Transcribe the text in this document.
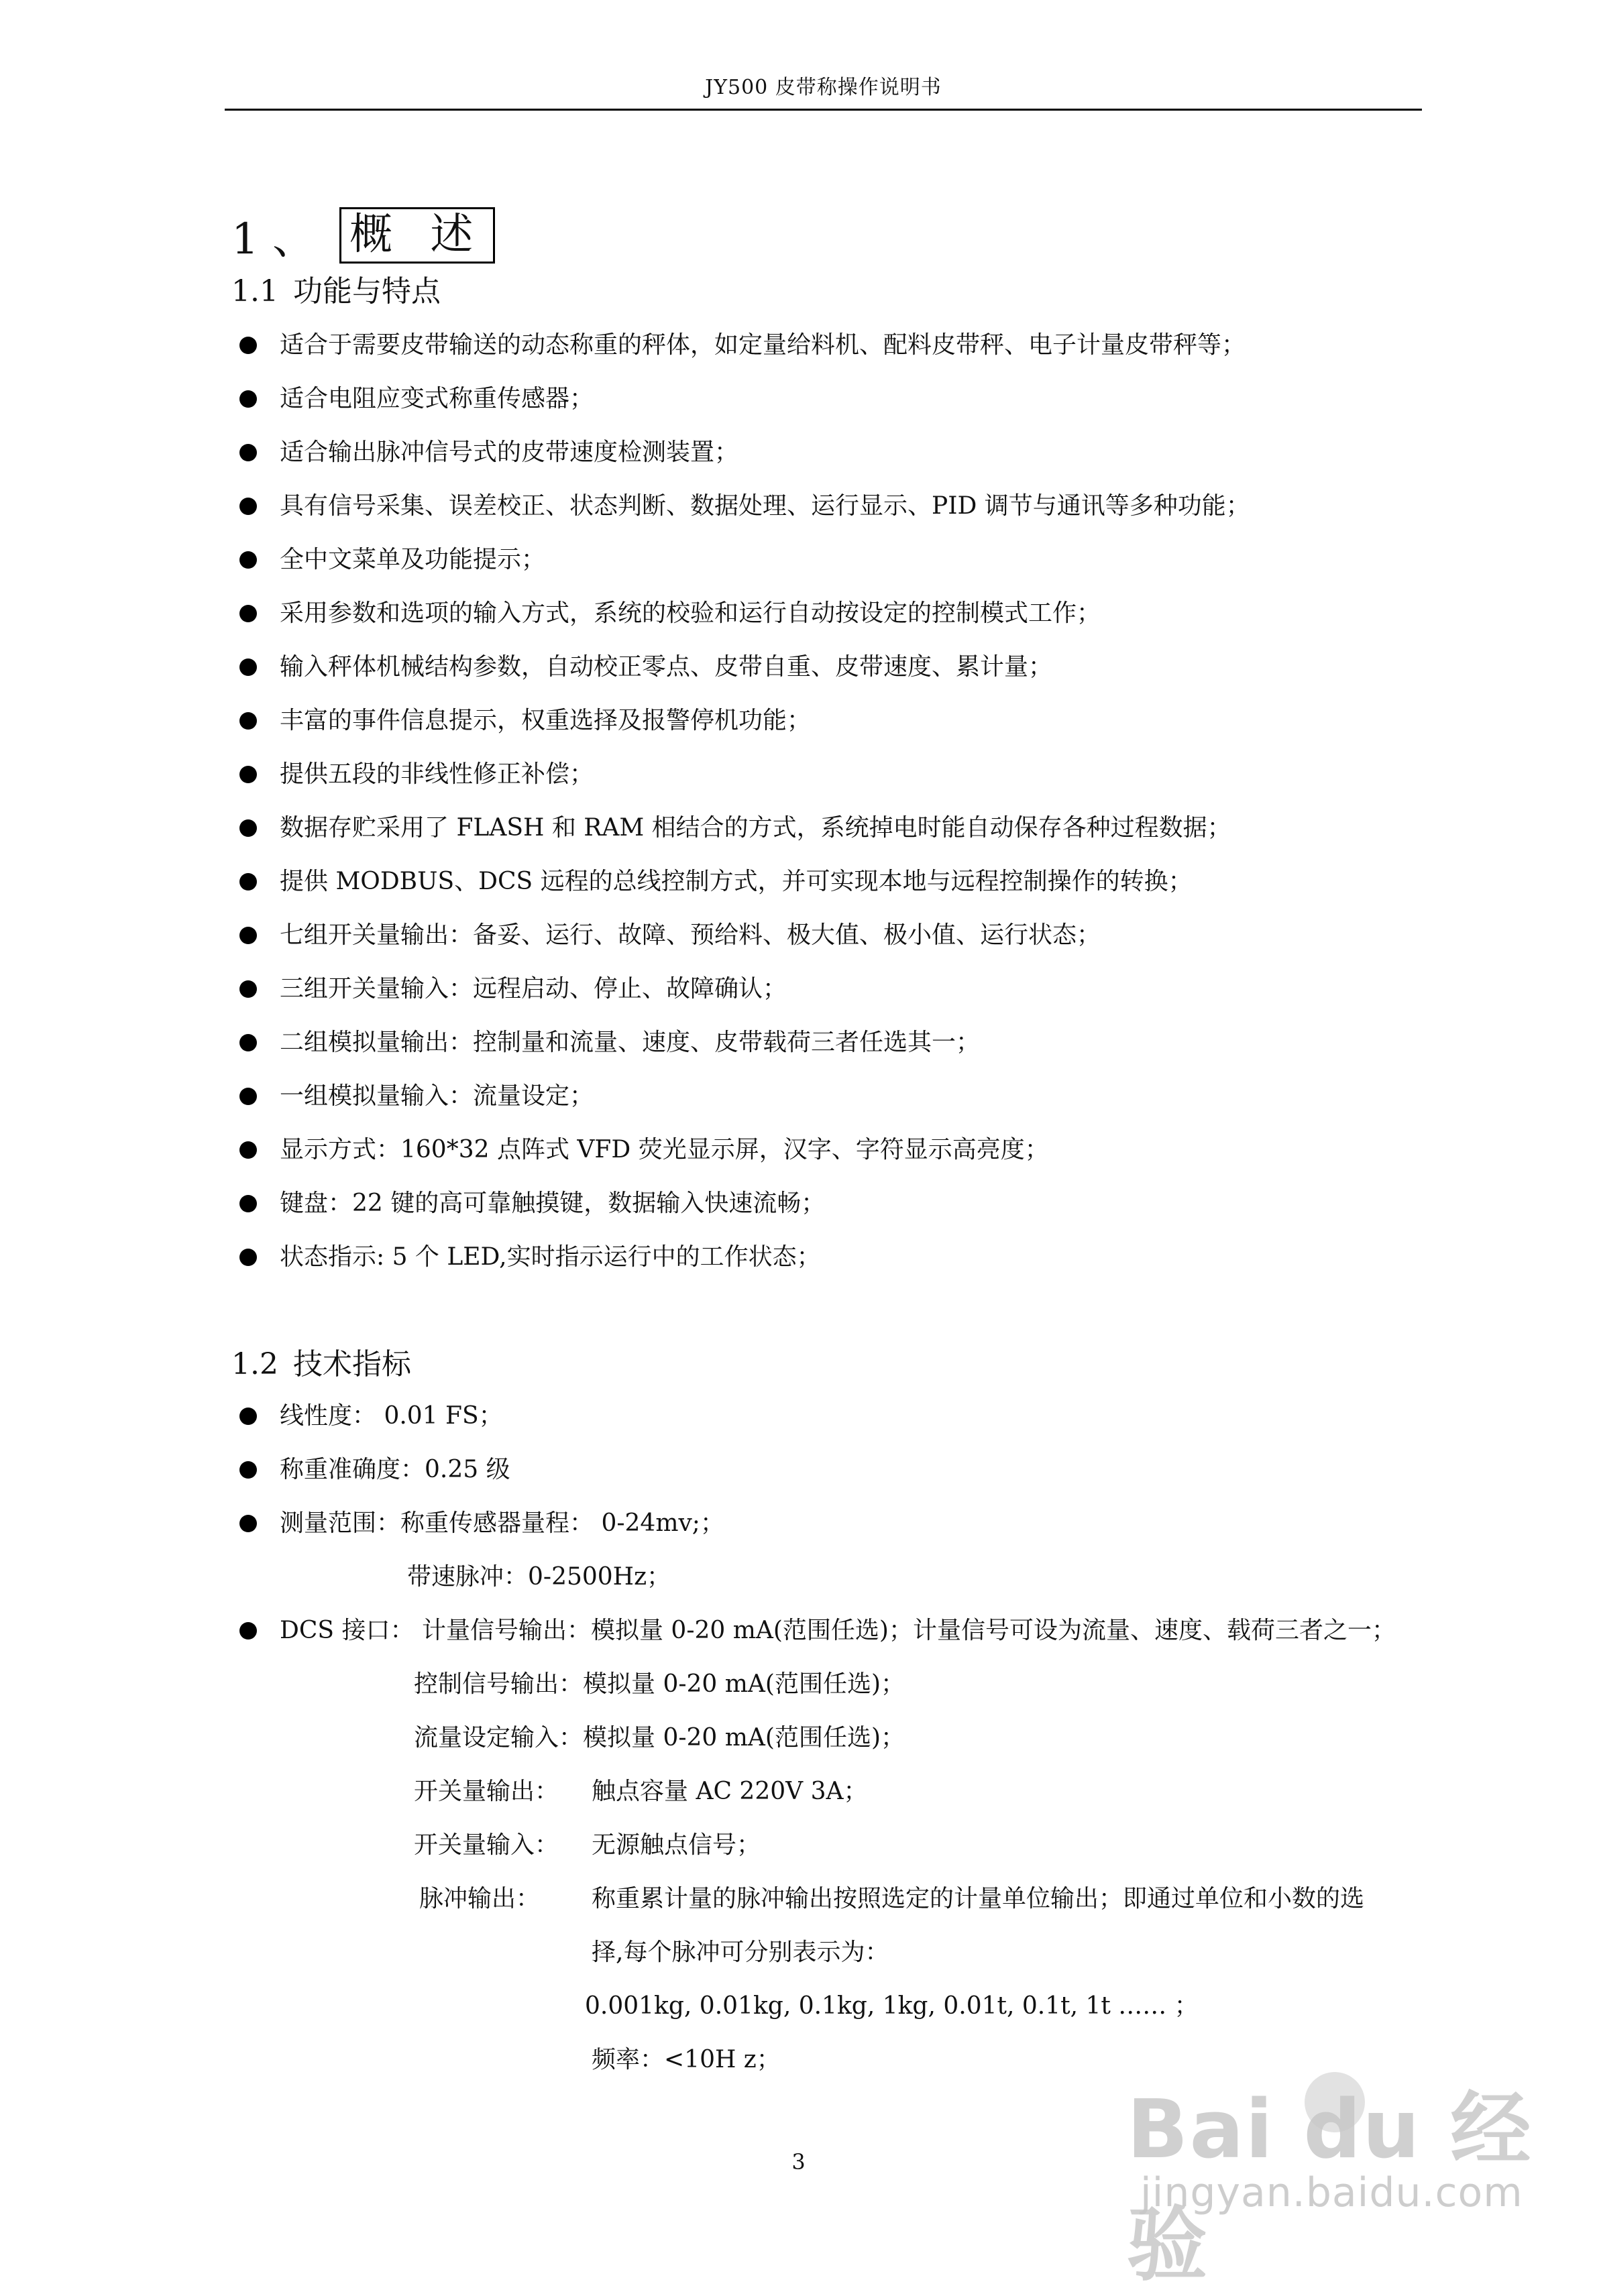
JY500 皮带称操作说明书
1 、 概 述
1.1 功能与特点
适合于需要皮带输送的动态称重的秤体，如定量给料机、配料皮带秤、电子计量皮带秤等；
适合电阻应变式称重传感器；
适合输出脉冲信号式的皮带速度检测装置；
具有信号采集、误差校正、状态判断、数据处理、运行显示、PID 调节与通讯等多种功能；
全中文菜单及功能提示；
采用参数和选项的输入方式，系统的校验和运行自动按设定的控制模式工作；
输入秤体机械结构参数，自动校正零点、皮带自重、皮带速度、累计量；
丰富的事件信息提示，权重选择及报警停机功能；
提供五段的非线性修正补偿；
数据存贮采用了 FLASH 和 RAM 相结合的方式，系统掉电时能自动保存各种过程数据；
提供 MODBUS、DCS 远程的总线控制方式，并可实现本地与远程控制操作的转换；
七组开关量输出：备妥、运行、故障、预给料、极大值、极小值、运行状态；
三组开关量输入：远程启动、停止、故障确认；
二组模拟量输出：控制量和流量、速度、皮带载荷三者任选其一；
一组模拟量输入：流量设定；
显示方式：160*32 点阵式 VFD 荧光显示屏，汉字、字符显示高亮度；
键盘：22 键的高可靠触摸键，数据输入快速流畅；
状态指示: 5 个 LED,实时指示运行中的工作状态；
1.2 技术指标
线性度： 0.01 FS；
称重准确度：0.25 级
测量范围：称重传感器量程： 0-24mv;；
带速脉冲：0-2500Hz；
DCS 接口： 计量信号输出：模拟量 0-20 mA(范围任选)；计量信号可设为流量、速度、载荷三者之一；
控制信号输出：模拟量 0-20 mA(范围任选)；
流量设定输入：模拟量 0-20 mA(范围任选)；
开关量输出： 触点容量 AC 220V 3A；
开关量输入： 无源触点信号；
脉冲输出： 称重累计量的脉冲输出按照选定的计量单位输出；即通过单位和小数的选
择,每个脉冲可分别表示为：
0.001kg, 0.01kg, 0.1kg, 1kg, 0.01t, 0.1t, 1t …… ；
频率：<10H z；
3	Bai du 经验
jingyan.baidu.com
